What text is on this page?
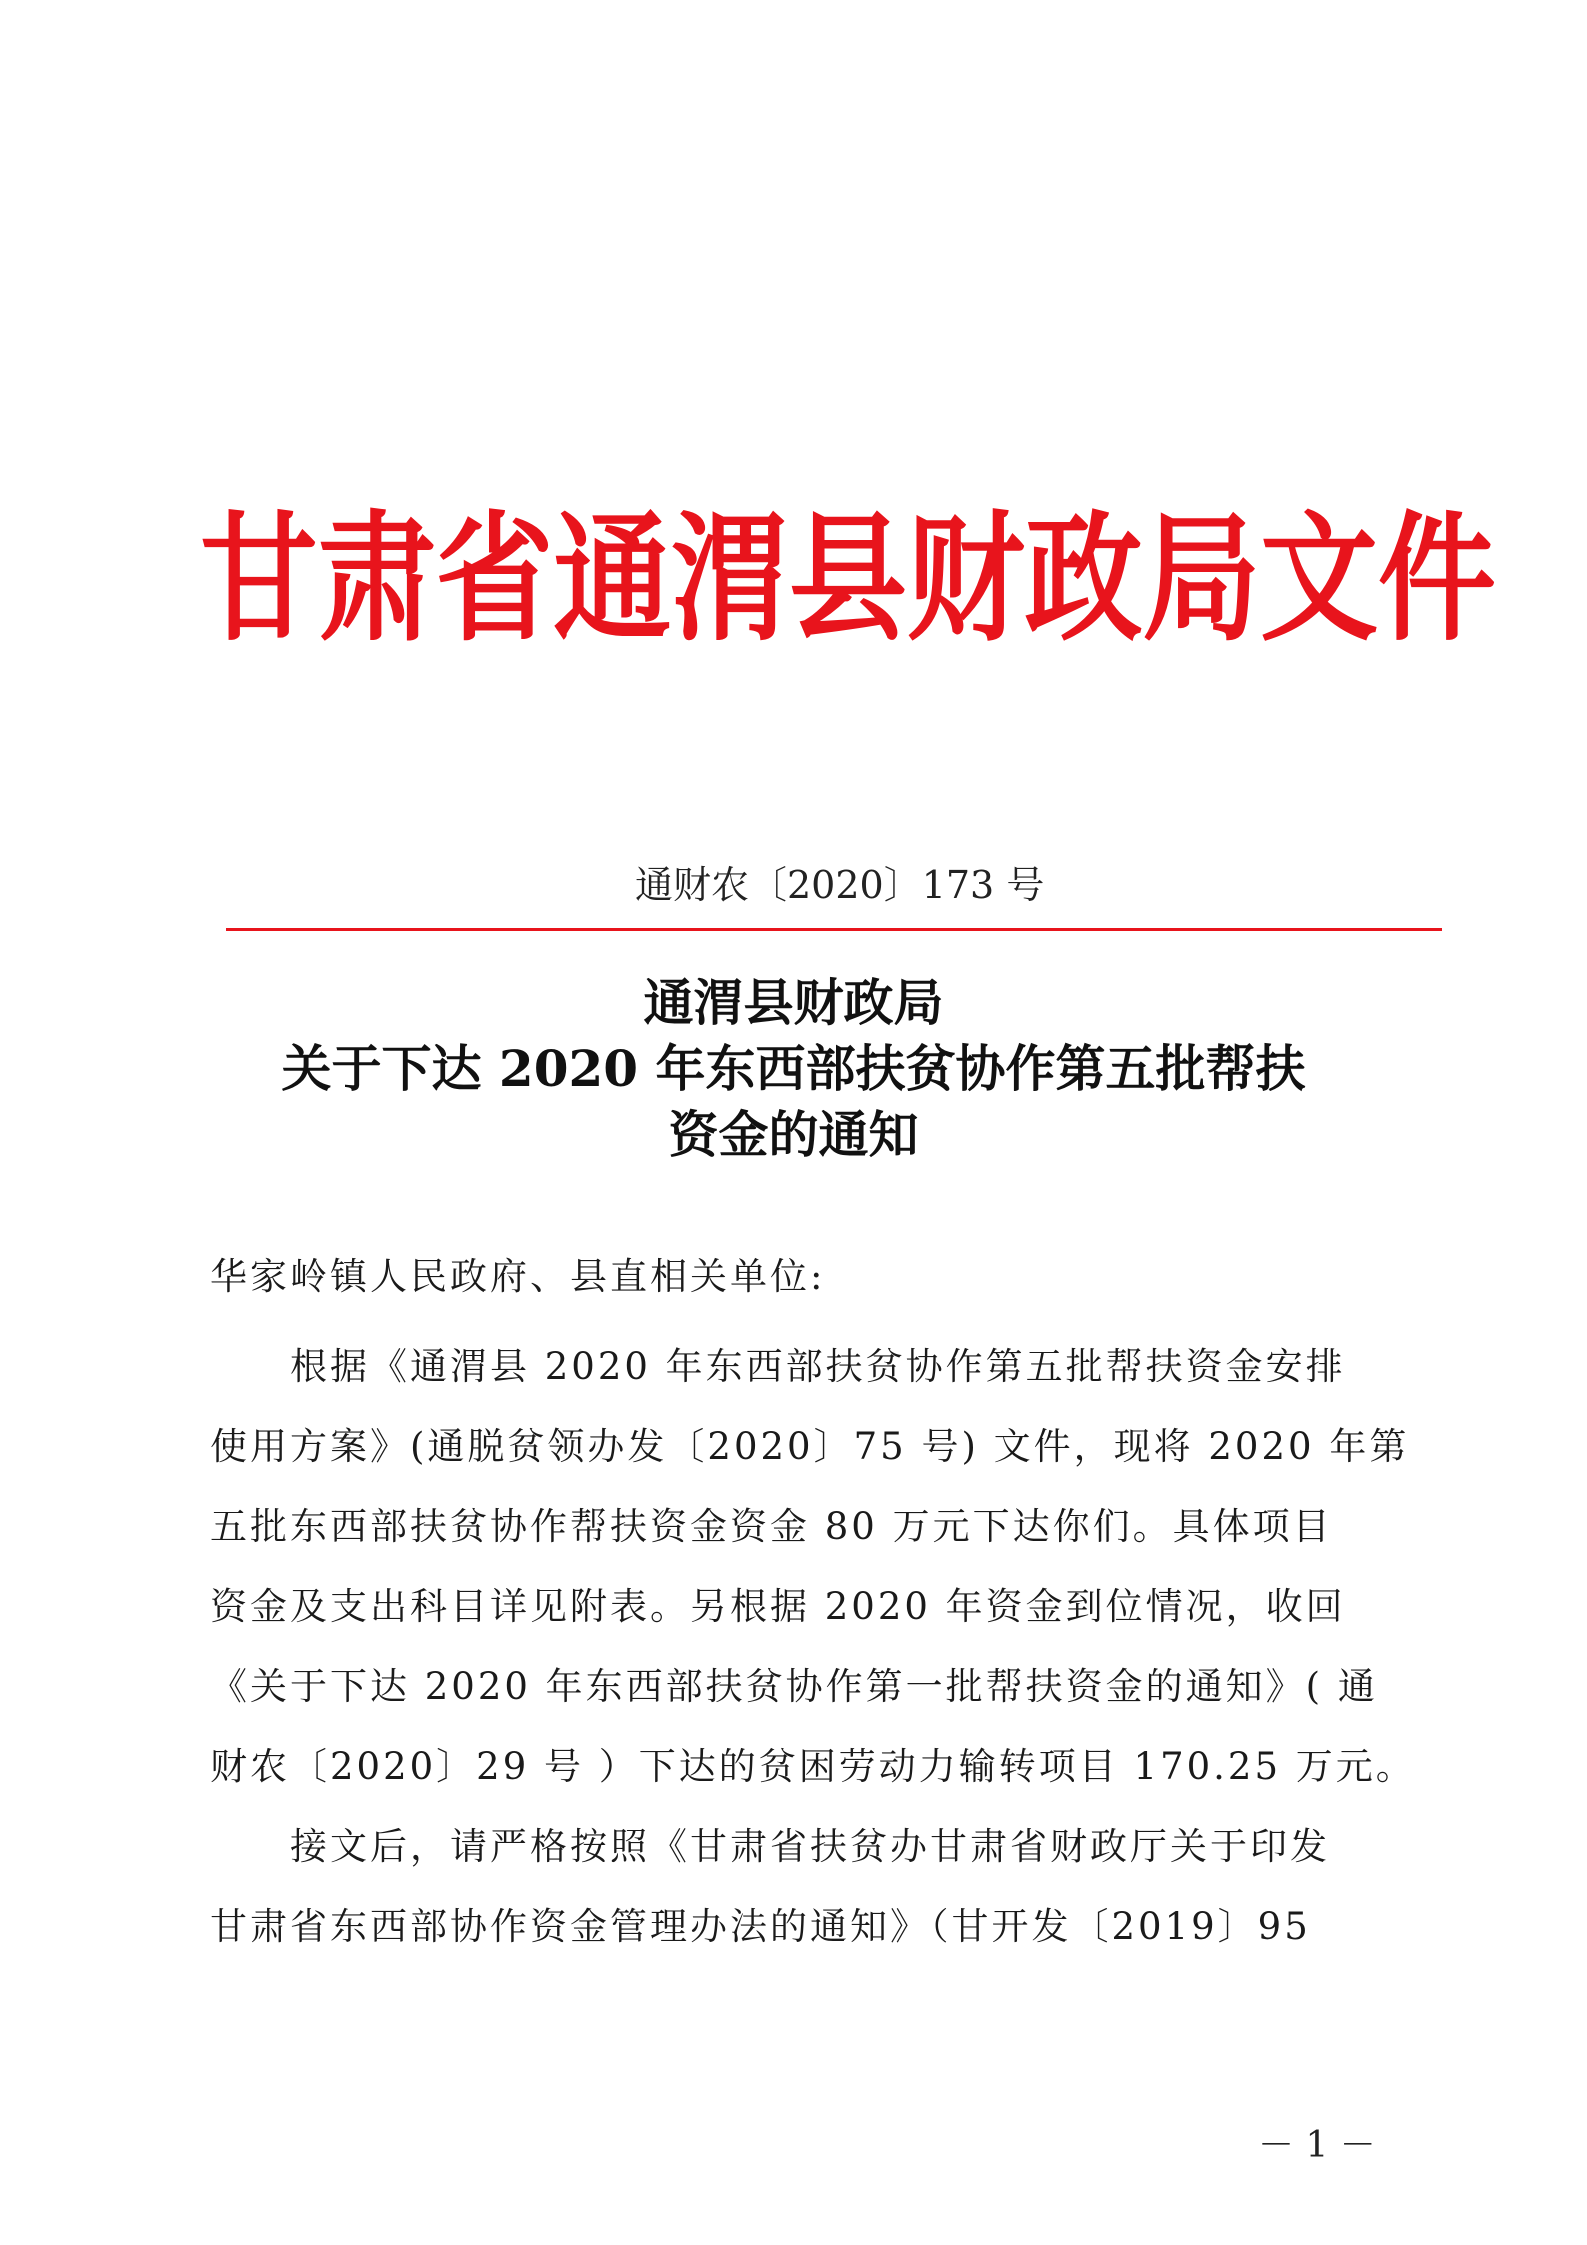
甘肃省通渭县财政局文件
通财农〔2020〕173 号
通渭县财政局
关于下达 2020 年东西部扶贫协作第五批帮扶
资金的通知
华家岭镇人民政府、县直相关单位:
　　根据《通渭县 2020 年东西部扶贫协作第五批帮扶资金安排
使用方案》(通脱贫领办发〔2020〕75 号) 文件，现将 2020 年第
五批东西部扶贫协作帮扶资金资金 80 万元下达你们。具体项目
资金及支出科目详见附表。另根据 2020 年资金到位情况，收回
《关于下达 2020 年东西部扶贫协作第一批帮扶资金的通知》( 通
财农〔2020〕29 号 ）下达的贫困劳动力输转项目 170.25 万元。
　　接文后，请严格按照《甘肃省扶贫办甘肃省财政厅关于印发
甘肃省东西部协作资金管理办法的通知》（甘开发〔2019〕95
－ 1 －
